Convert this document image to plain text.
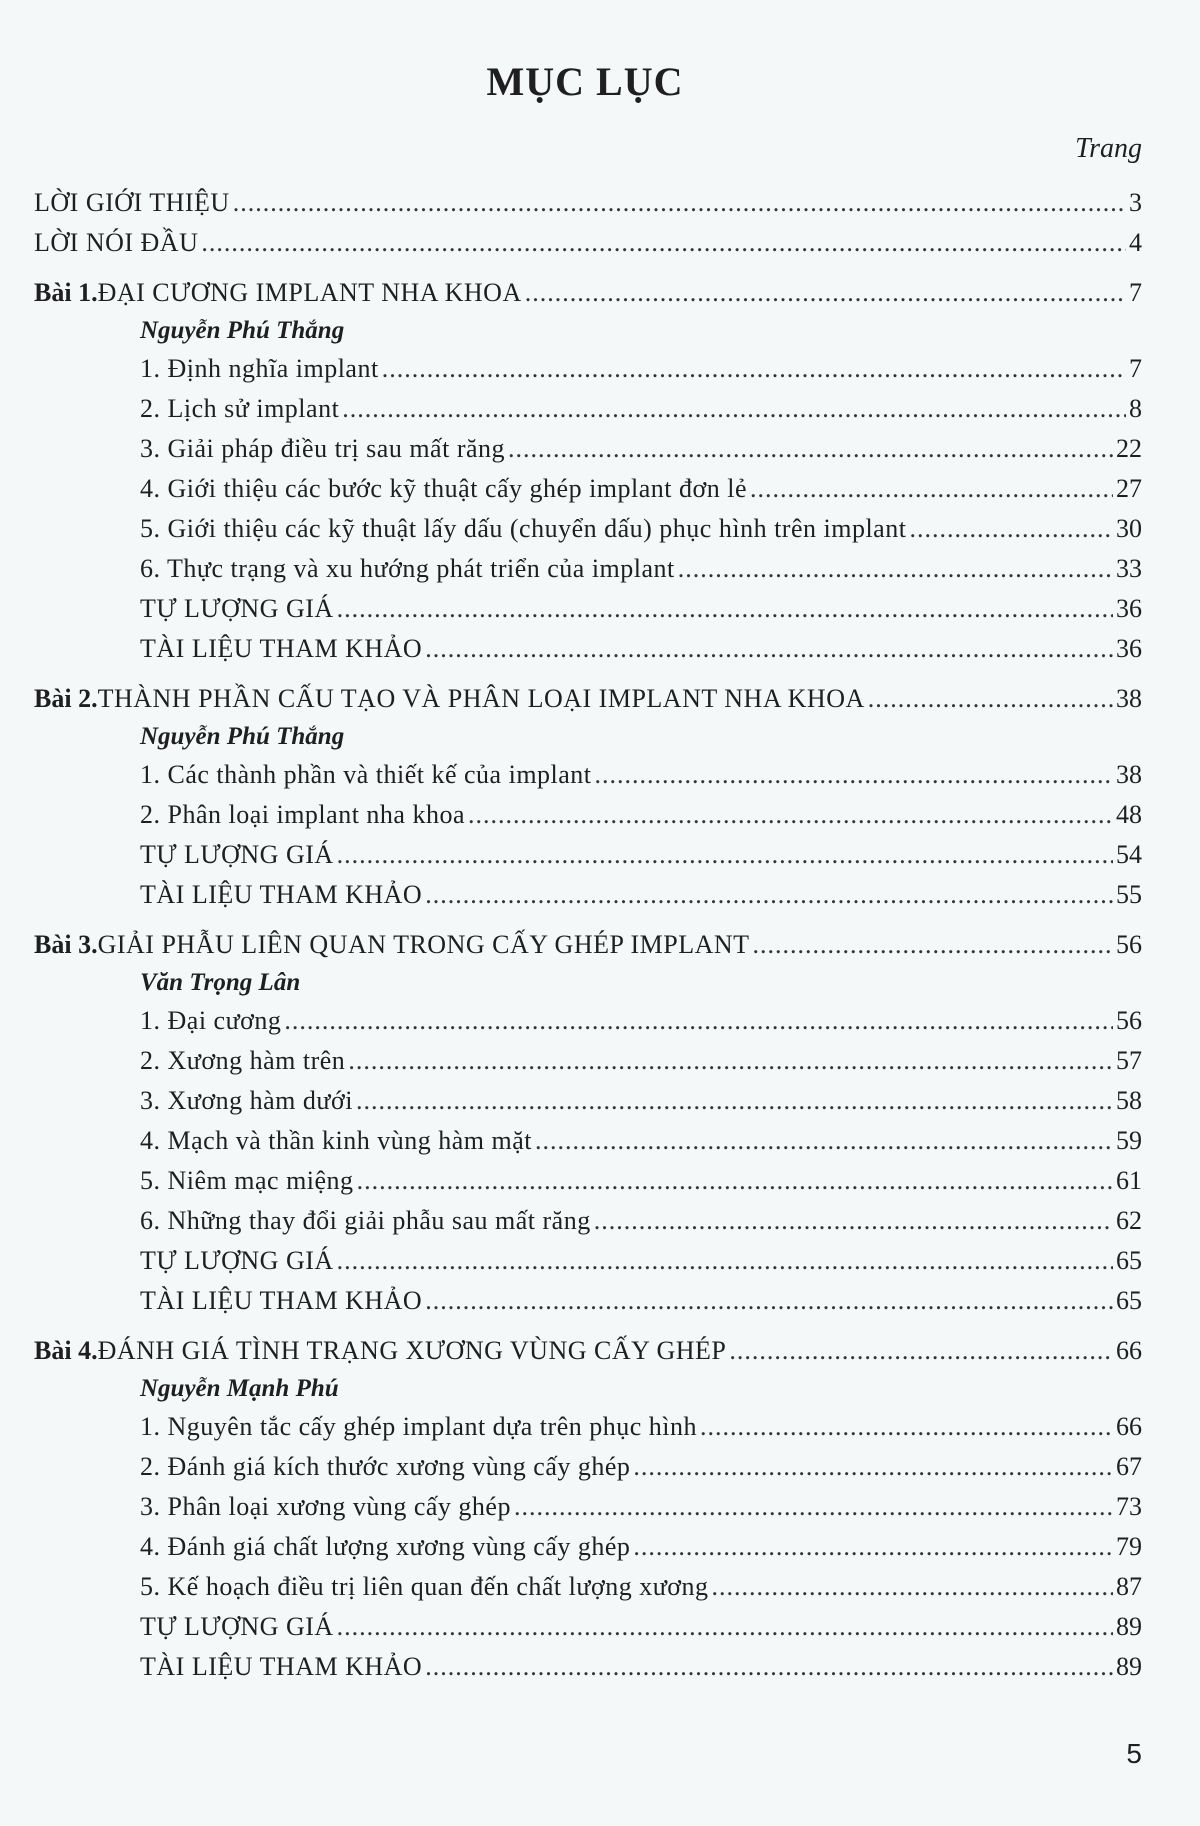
MỤC LỤC
Trang
LỜI GIỚI THIỆU .....	3
LỜI NÓI ĐẦU .....	4
Bài 1. ĐẠI CƯƠNG IMPLANT NHA KHOA .....	7
Nguyễn Phú Thắng
1. Định nghĩa implant .....	7
2. Lịch sử implant .....	8
3. Giải pháp điều trị sau mất răng .....	22
4. Giới thiệu các bước kỹ thuật cấy ghép implant đơn lẻ .....	27
5. Giới thiệu các kỹ thuật lấy dấu (chuyển dấu) phục hình trên implant .....	30
6. Thực trạng và xu hướng phát triển của implant .....	33
TỰ LƯỢNG GIÁ .....	36
TÀI LIỆU THAM KHẢO .....	36
Bài 2. THÀNH PHẦN CẤU TẠO VÀ PHÂN LOẠI IMPLANT NHA KHOA .....	38
Nguyễn Phú Thắng
1. Các thành phần và thiết kế của implant .....	38
2. Phân loại implant nha khoa .....	48
TỰ LƯỢNG GIÁ .....	54
TÀI LIỆU THAM KHẢO .....	55
Bài 3. GIẢI PHẪU LIÊN QUAN TRONG CẤY GHÉP IMPLANT .....	56
Văn Trọng Lân
1. Đại cương .....	56
2. Xương hàm trên .....	57
3. Xương hàm dưới .....	58
4. Mạch và thần kinh vùng hàm mặt .....	59
5. Niêm mạc miệng .....	61
6. Những thay đổi giải phẫu sau mất răng .....	62
TỰ LƯỢNG GIÁ .....	65
TÀI LIỆU THAM KHẢO .....	65
Bài 4. ĐÁNH GIÁ TÌNH TRẠNG XƯƠNG VÙNG CẤY GHÉP .....	66
Nguyễn Mạnh Phú
1. Nguyên tắc cấy ghép implant dựa trên phục hình .....	66
2. Đánh giá kích thước xương vùng cấy ghép .....	67
3. Phân loại xương vùng cấy ghép .....	73
4. Đánh giá chất lượng xương vùng cấy ghép .....	79
5. Kế hoạch điều trị liên quan đến chất lượng xương .....	87
TỰ LƯỢNG GIÁ .....	89
TÀI LIỆU THAM KHẢO .....	89
5
